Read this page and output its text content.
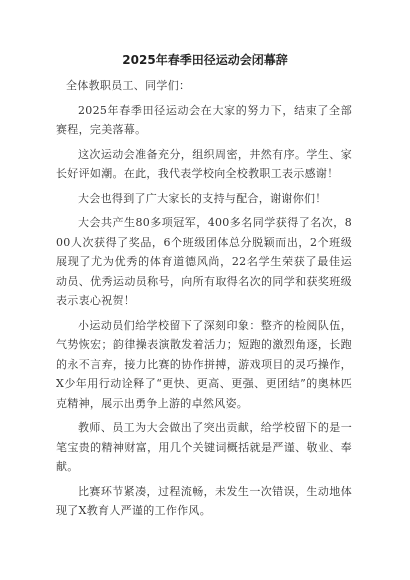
2025年春季田径运动会闭幕辞

全体教职员工、同学们：

2025年春季田径运动会在大家的努力下，结束了全部赛程，完美落幕。

这次运动会准备充分，组织周密，井然有序。学生、家长好评如潮。在此，我代表学校向全校教职工表示感谢！

大会也得到了广大家长的支持与配合，谢谢你们！

大会共产生80多项冠军，400多名同学获得了名次，800人次获得了奖品，6个班级团体总分脱颖而出，2个班级展现了尤为优秀的体育道德风尚，22名学生荣获了最佳运动员、优秀运动员称号，向所有取得名次的同学和获奖班级表示衷心祝贺！

小运动员们给学校留下了深刻印象：整齐的检阅队伍，气势恢宏；韵律操表演散发着活力；短跑的激烈角逐，长跑的永不言弃，接力比赛的协作拼搏，游戏项目的灵巧操作，X少年用行动诠释了“更快、更高、更强、更团结”的奥林匹克精神，展示出勇争上游的卓然风姿。

教师、员工为大会做出了突出贡献，给学校留下的是一笔宝贵的精神财富，用几个关键词概括就是严谨、敬业、奉献。

比赛环节紧凑，过程流畅，未发生一次错误，生动地体现了X教育人严谨的工作作风。
